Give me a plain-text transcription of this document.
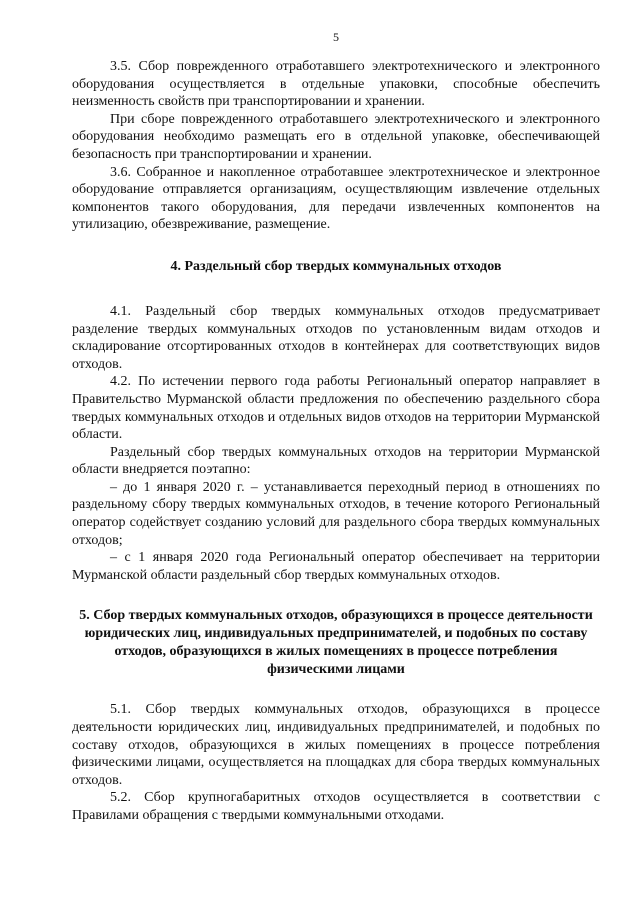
5

3.5. Сбор поврежденного отработавшего электротехнического и электронного оборудования осуществляется в отдельные упаковки, способные обеспечить неизменность свойств при транспортировании и хранении.

При сборе поврежденного отработавшего электротехнического и электронного оборудования необходимо размещать его в отдельной упаковке, обеспечивающей безопасность при транспортировании и хранении.

3.6. Собранное и накопленное отработавшее электротехническое и электронное оборудование отправляется организациям, осуществляющим извлечение отдельных компонентов такого оборудования, для передачи извлеченных компонентов на утилизацию, обезвреживание, размещение.

4. Раздельный сбор твердых коммунальных отходов

4.1. Раздельный сбор твердых коммунальных отходов предусматривает разделение твердых коммунальных отходов по установленным видам отходов и складирование отсортированных отходов в контейнерах для соответствующих видов отходов.

4.2. По истечении первого года работы Региональный оператор направляет в Правительство Мурманской области предложения по обеспечению раздельного сбора твердых коммунальных отходов и отдельных видов отходов на территории Мурманской области.

Раздельный сбор твердых коммунальных отходов на территории Мурманской области внедряется поэтапно:

– до 1 января 2020 г. – устанавливается переходный период в отношениях по раздельному сбору твердых коммунальных отходов, в течение которого Региональный оператор содействует созданию условий для раздельного сбора твердых коммунальных отходов;

– с 1 января 2020 года Региональный оператор обеспечивает на территории Мурманской области раздельный сбор твердых коммунальных отходов.

5. Сбор твердых коммунальных отходов, образующихся в процессе деятельности юридических лиц, индивидуальных предпринимателей, и подобных по составу отходов, образующихся в жилых помещениях в процессе потребления физическими лицами

5.1. Сбор твердых коммунальных отходов, образующихся в процессе деятельности юридических лиц, индивидуальных предпринимателей, и подобных по составу отходов, образующихся в жилых помещениях в процессе потребления физическими лицами, осуществляется на площадках для сбора твердых коммунальных отходов.

5.2. Сбор крупногабаритных отходов осуществляется в соответствии с Правилами обращения с твердыми коммунальными отходами.
